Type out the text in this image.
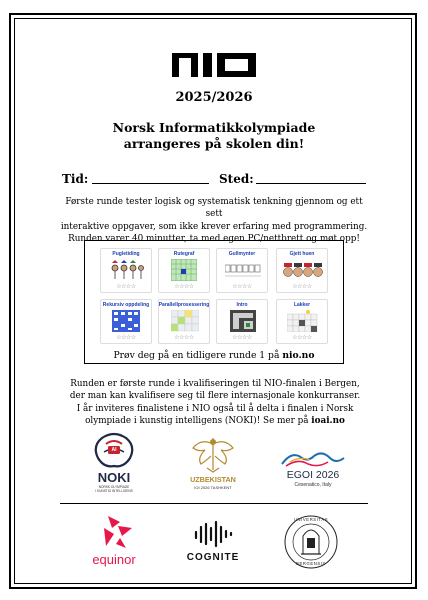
2025/2026
Norsk Informatikkolympiade
arrangeres på skolen din!
Tid:	Sted:
Første runde tester logisk og systematisk tenkning gjennom og ett sett
interaktive oppgaver, som ikke krever erfaring med programmering.
Runden varer 40 minutter, ta med egen PC/nettbrett og møt opp!
Pugletiding
☆☆☆☆
Rutegraf
☆☆☆☆
Gullmynter
☆☆☆☆
Gjett huen
☆☆☆☆
Rekursiv oppdeling
☆☆☆☆
Parallellprosessering
☆☆☆☆
Intro
☆☆☆☆
Lakker
☆☆☆☆
Prøv deg på en tidligere runde 1 på nio.no
Runden er første runde i kvalifiseringen til NIO-finalen i Bergen,
der man kan kvalifisere seg til flere internasjonale konkurranser.
I år inviteres finalistene i NIO også til å delta i finalen i Norsk
olympiade i kunstig intelligens (NOKI)! Se mer på ioai.no
AI
NOKI
NORSK OLYMPIADE
I KUNSTIG INTELLIGENS
UZBEKISTAN
IOI 2026 TASHKENT
EGOI 2026
Cesenatico, Italy
equinor	COGNITE
UNIVERSITAS
BERGENSIS
